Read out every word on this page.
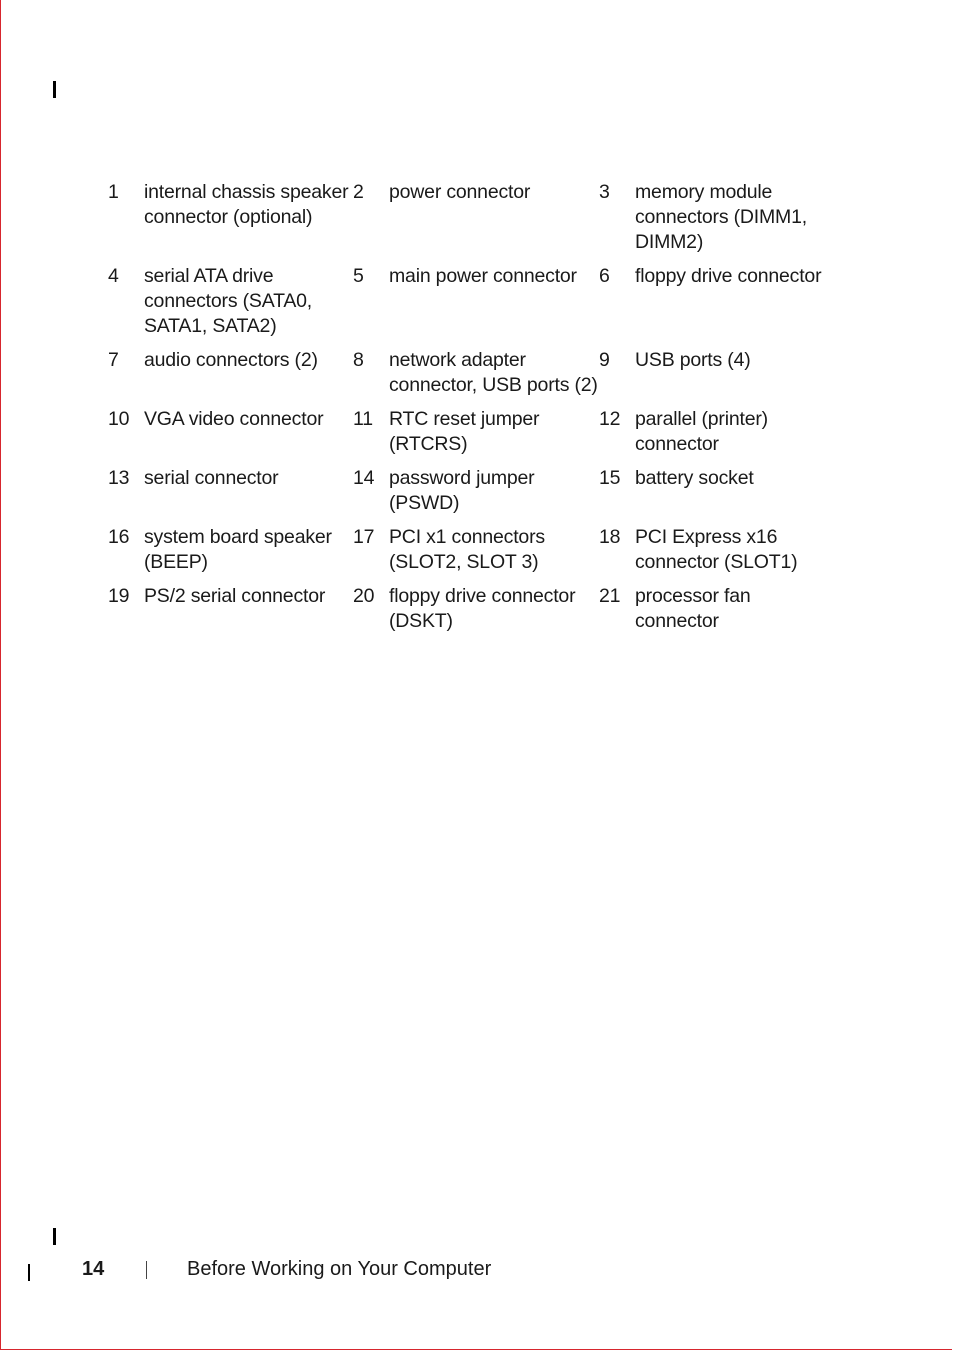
1	internal chassis speaker connector (optional)	2	power connector	3	memory module connectors (DIMM1, DIMM2)
4	serial ATA drive connectors (SATA0, SATA1, SATA2)	5	main power connector	6	floppy drive connector
7	audio connectors (2)	8	network adapter connector, USB ports (2)	9	USB ports (4)
10	VGA video connector	11	RTC reset jumper (RTCRS)	12	parallel (printer) connector
13	serial connector	14	password jumper (PSWD)	15	battery socket
16	system board speaker (BEEP)	17	PCI x1 connectors (SLOT2, SLOT 3)	18	PCI Express x16 connector (SLOT1)
19	PS/2 serial connector	20	floppy drive connector (DSKT)	21	processor fan connector
14	Before Working on Your Computer
